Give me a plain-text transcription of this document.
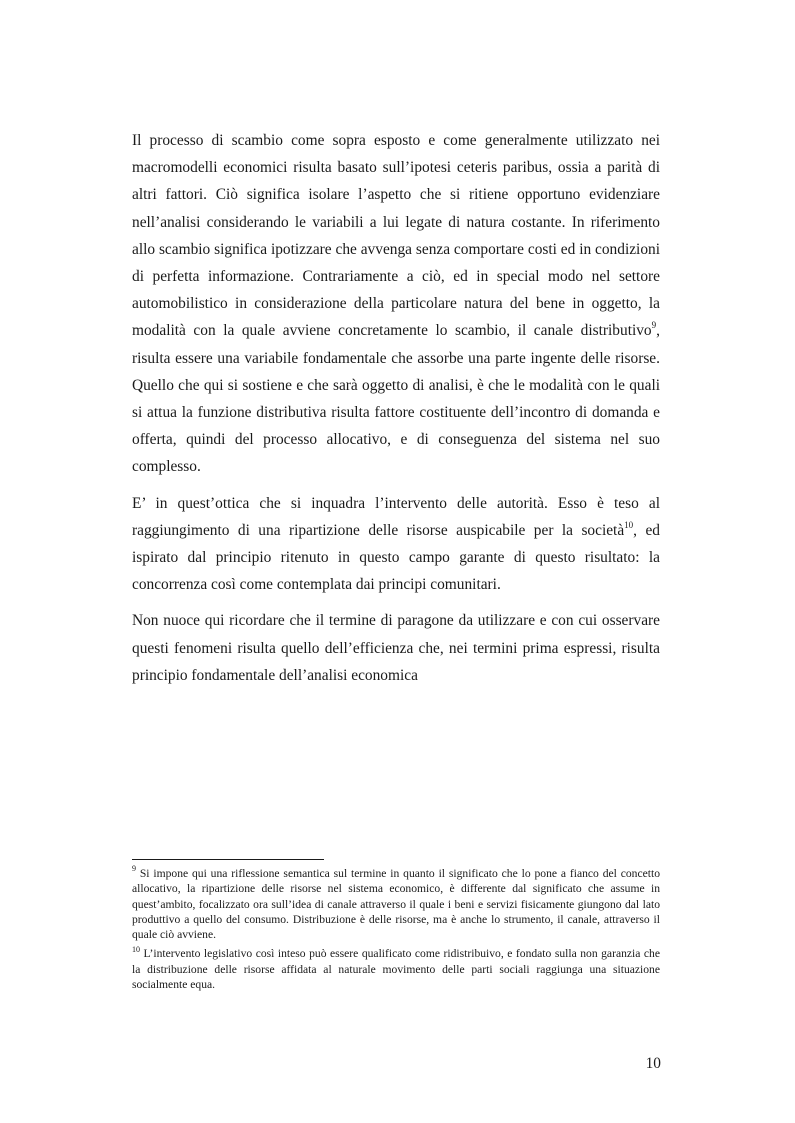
Il processo di scambio come sopra esposto e come generalmente utilizzato nei macromodelli economici risulta basato sull’ipotesi ceteris paribus, ossia a parità di altri fattori. Ciò significa isolare l’aspetto che si ritiene opportuno evidenziare nell’analisi considerando le variabili a lui legate di natura costante. In riferimento allo scambio significa ipotizzare che avvenga senza comportare costi ed in condizioni di perfetta informazione. Contrariamente a ciò, ed in special modo nel settore automobilistico in considerazione della particolare natura del bene in oggetto, la modalità con la quale avviene concretamente lo scambio, il canale distributivo$^9$, risulta essere una variabile fondamentale che assorbe una parte ingente delle risorse. Quello che qui si sostiene e che sarà oggetto di analisi, è che le modalità con le quali si attua la funzione distributiva risulta fattore costituente dell’incontro di domanda e offerta, quindi del processo allocativo, e di conseguenza del sistema nel suo complesso.

E’ in quest’ottica che si inquadra l’intervento delle autorità. Esso è teso al raggiungimento di una ripartizione delle risorse auspicabile per la società$^{10}$, ed ispirato dal principio ritenuto in questo campo garante di questo risultato: la concorrenza così come contemplata dai principi comunitari.

Non nuoce qui ricordare che il termine di paragone da utilizzare e con cui osservare questi fenomeni risulta quello dell’efficienza che, nei termini prima espressi, risulta principio fondamentale dell’analisi economica

$^9$ Si impone qui una riflessione semantica sul termine in quanto il significato che lo pone a fianco del concetto allocativo, la ripartizione delle risorse nel sistema economico, è differente dal significato che assume in quest’ambito, focalizzato ora sull’idea di canale attraverso il quale i beni e servizi fisicamente giungono dal lato produttivo a quello del consumo. Distribuzione è delle risorse, ma è anche lo strumento, il canale, attraverso il quale ciò avviene.

$^{10}$ L’intervento legislativo così inteso può essere qualificato come ridistribuivo, e fondato sulla non garanzia che la distribuzione delle risorse affidata al naturale movimento delle parti sociali raggiunga una situazione socialmente equa.

10
